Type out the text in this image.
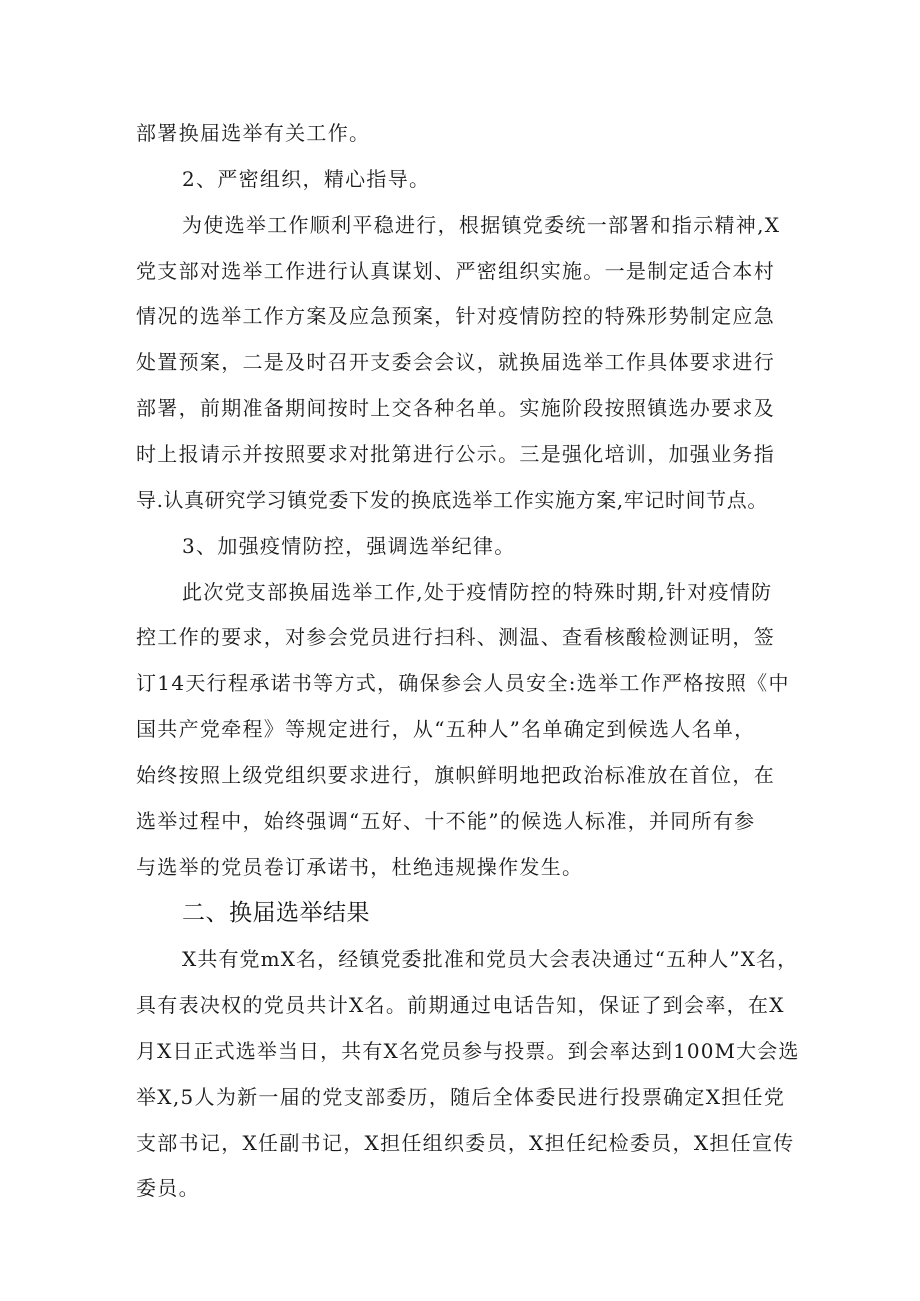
部署换届选举有关工作。
2、严密组织，精心指导。
为使选举工作顺利平稳进行，根据镇党委统一部署和指示精神,X
党支部对选举工作进行认真谋划、严密组织实施。一是制定适合本村
情况的选举工作方案及应急预案，针对疫情防控的特殊形势制定应急
处置预案，二是及时召开支委会会议，就换届选举工作具体要求进行
部署，前期准备期间按时上交各种名单。实施阶段按照镇选办要求及
时上报请示并按照要求对批第进行公示。三是强化培训，加强业务指
导.认真研究学习镇党委下发的换底选举工作实施方案,牢记时间节点。
3、加强疫情防控，强调选举纪律。
此次党支部换届选举工作,处于疫情防控的特殊时期,针对疫情防
控工作的要求，对参会党员进行扫科、测温、查看核酸检测证明，签
订14天行程承诺书等方式，确保参会人员安全:选举工作严格按照《中
国共产党牵程》等规定进行，从“五种人”名单确定到候选人名单，
始终按照上级党组织要求进行，旗帜鲜明地把政治标准放在首位，在
选举过程中，始终强调“五好、十不能”的候选人标准，并同所有参
与选举的党员卷订承诺书，杜绝违规操作发生。
二、换届选举结果
X共有党mX名，经镇党委批准和党员大会表决通过“五种人”X名，
具有表决权的党员共计X名。前期通过电话告知，保证了到会率，在X
月X日正式选举当日，共有X名党员参与投票。到会率达到100M大会选
举X,5人为新一届的党支部委历，随后全体委民进行投票确定X担任党
支部书记，X任副书记，X担任组织委员，X担任纪检委员，X担任宣传
委员。
